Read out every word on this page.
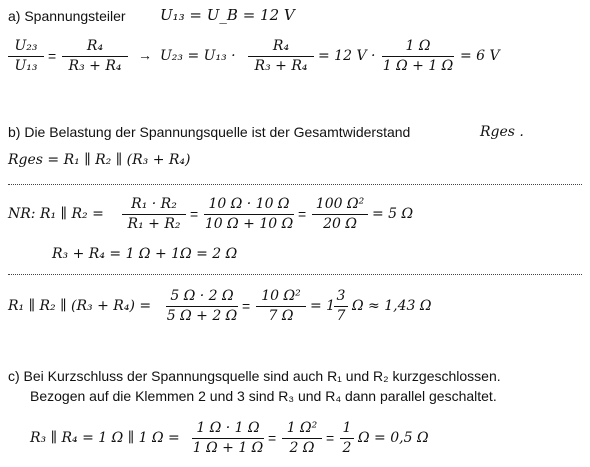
a) Spannungsteiler U₁₃ = U_B = 12 V
U₂₃
U₁₃
=
R₄
R₃ + R₄
→ U₂₃ = U₁₃ ·
R₄
R₃ + R₄
= 12 V ·
1 Ω
1 Ω + 1 Ω
= 6 V
b) Die Belastung der Spannungsquelle ist der Gesamtwiderstand	Rges .
Rges = R₁ ∥ R₂ ∥ (R₃ + R₄)
NR: R₁ ∥ R₂ =
R₁ · R₂
R₁ + R₂
=
10 Ω · 10 Ω
10 Ω + 10 Ω
=
100 Ω²
20 Ω
= 5 Ω
R₃ + R₄ = 1 Ω + 1Ω = 2 Ω
R₁ ∥ R₂ ∥ (R₃ + R₄) =
5 Ω · 2 Ω
5 Ω + 2 Ω
=
10 Ω²
7 Ω
= 1
3
7
Ω ≈ 1,43 Ω
c) Bei Kurzschluss der Spannungsquelle sind auch R₁ und R₂ kurzgeschlossen.
Bezogen auf die Klemmen 2 und 3 sind R₃ und R₄ dann parallel geschaltet.
R₃ ∥ R₄ = 1 Ω ∥ 1 Ω =
1 Ω · 1 Ω
1 Ω + 1 Ω
=
1 Ω²
2 Ω
=
1
2
Ω = 0,5 Ω
